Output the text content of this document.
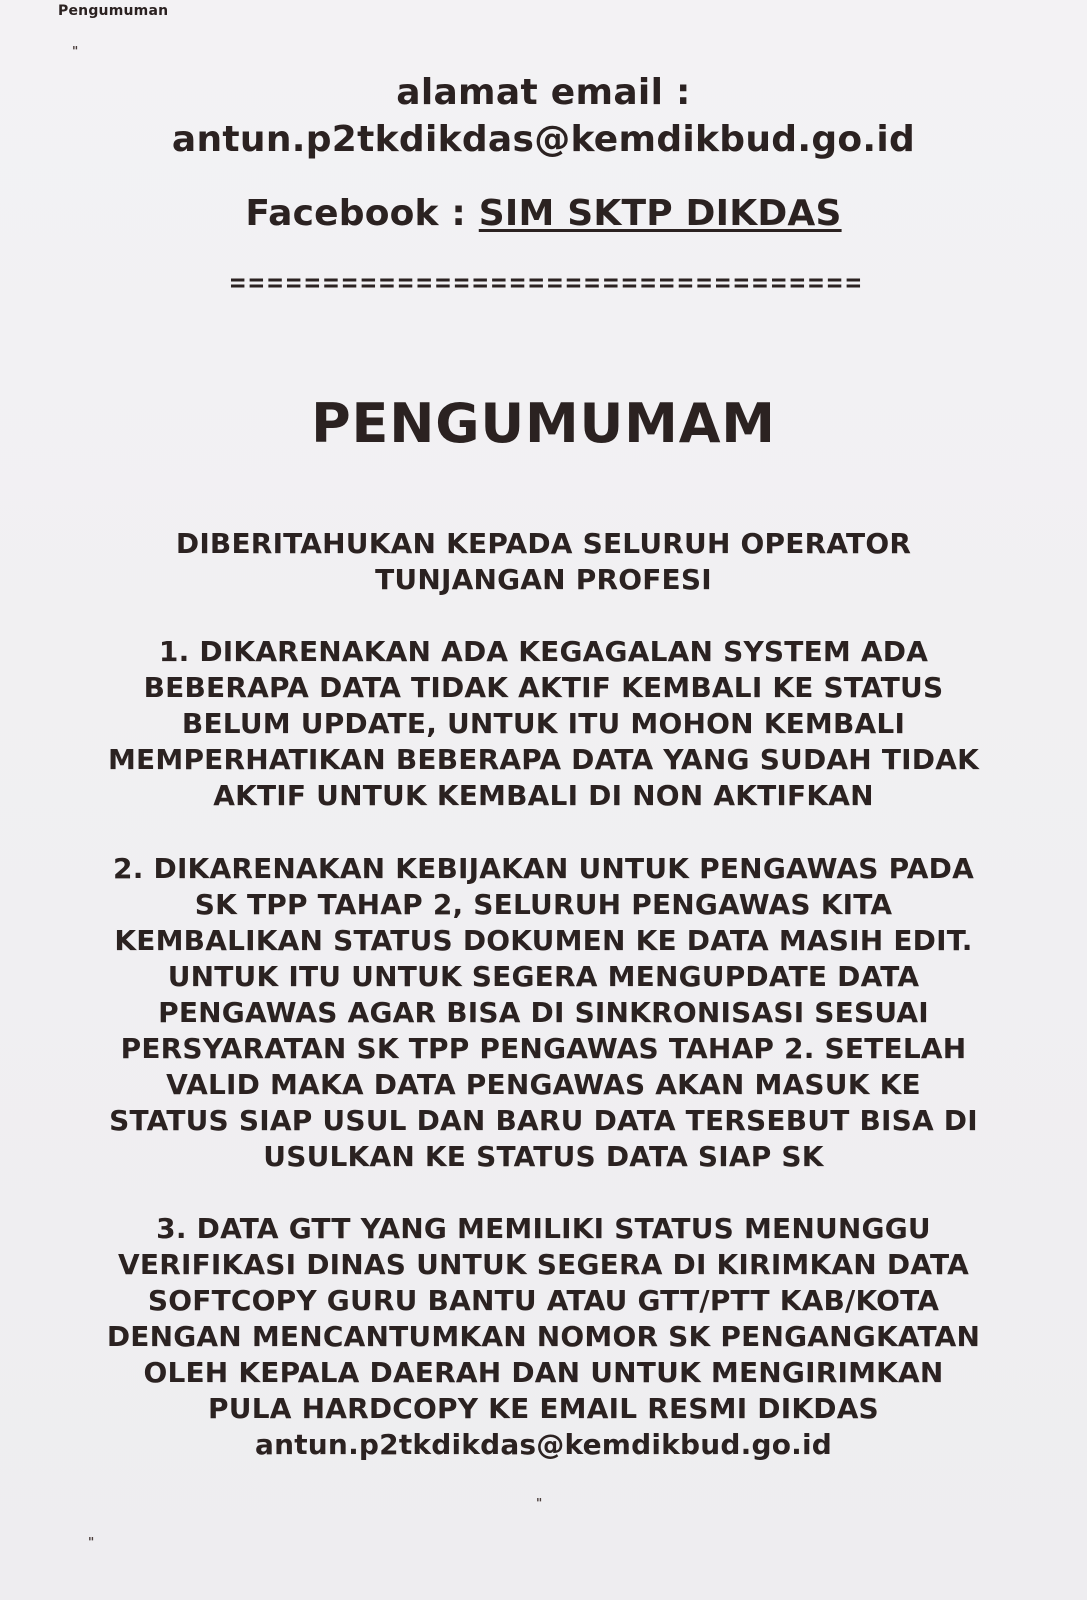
Pengumuman
"
"
"
alamat email :
antun.p2tkdikdas@kemdikbud.go.id
Facebook : SIM SKTP DIKDAS
==================================
PENGUMUMAM
DIBERITAHUKAN KEPADA SELURUH OPERATOR
TUNJANGAN PROFESI
1. DIKARENAKAN ADA KEGAGALAN SYSTEM ADA
BEBERAPA DATA TIDAK AKTIF KEMBALI KE STATUS
BELUM UPDATE, UNTUK ITU MOHON KEMBALI
MEMPERHATIKAN BEBERAPA DATA YANG SUDAH TIDAK
AKTIF UNTUK KEMBALI DI NON AKTIFKAN
2. DIKARENAKAN KEBIJAKAN UNTUK PENGAWAS PADA
SK TPP TAHAP 2, SELURUH PENGAWAS KITA
KEMBALIKAN STATUS DOKUMEN KE DATA MASIH EDIT.
UNTUK ITU UNTUK SEGERA MENGUPDATE DATA
PENGAWAS AGAR BISA DI SINKRONISASI SESUAI
PERSYARATAN SK TPP PENGAWAS TAHAP 2. SETELAH
VALID MAKA DATA PENGAWAS AKAN MASUK KE
STATUS SIAP USUL DAN BARU DATA TERSEBUT BISA DI
USULKAN KE STATUS DATA SIAP SK
3. DATA GTT YANG MEMILIKI STATUS MENUNGGU
VERIFIKASI DINAS UNTUK SEGERA DI KIRIMKAN DATA
SOFTCOPY GURU BANTU ATAU GTT/PTT KAB/KOTA
DENGAN MENCANTUMKAN NOMOR SK PENGANGKATAN
OLEH KEPALA DAERAH DAN UNTUK MENGIRIMKAN
PULA HARDCOPY KE EMAIL RESMI DIKDAS
antun.p2tkdikdas@kemdikbud.go.id
